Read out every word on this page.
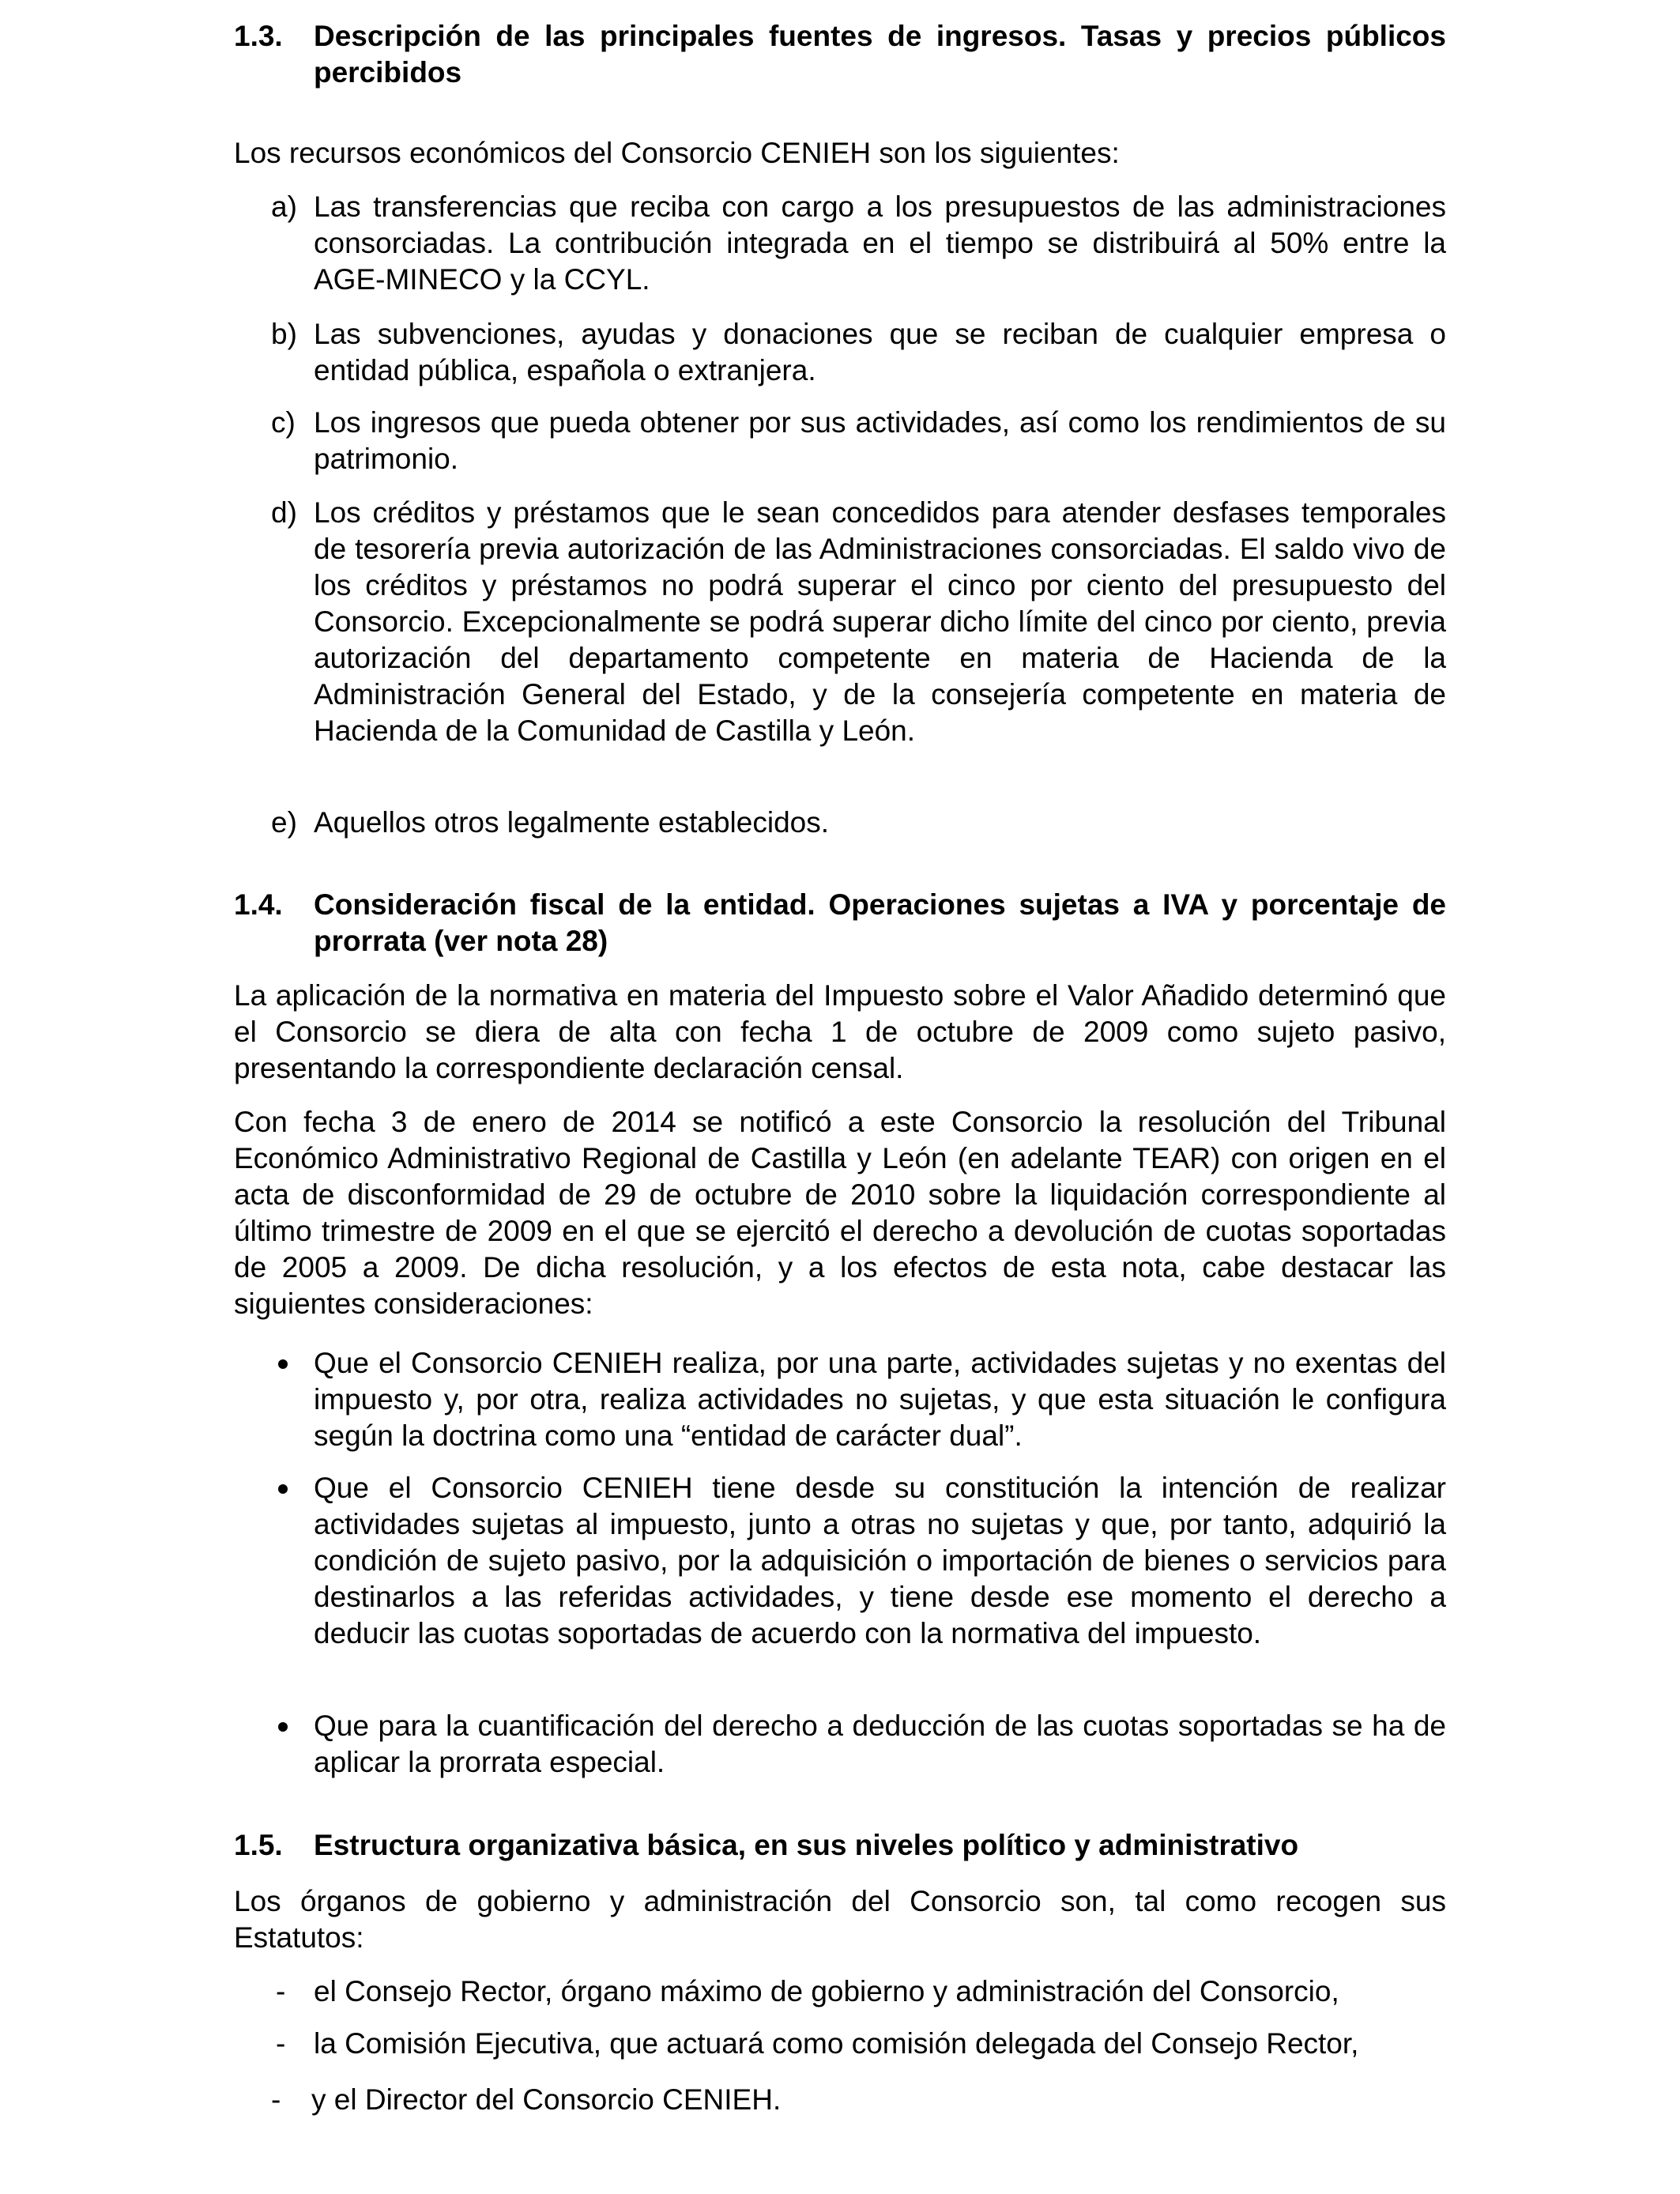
1.3. Descripción de las principales fuentes de ingresos. Tasas y precios públicos percibidos

Los recursos económicos del Consorcio CENIEH son los siguientes:

a) Las transferencias que reciba con cargo a los presupuestos de las administraciones consorciadas. La contribución integrada en el tiempo se distribuirá al 50% entre la AGE-MINECO y la CCYL.
b) Las subvenciones, ayudas y donaciones que se reciban de cualquier empresa o entidad pública, española o extranjera.
c) Los ingresos que pueda obtener por sus actividades, así como los rendimientos de su patrimonio.
d) Los créditos y préstamos que le sean concedidos para atender desfases temporales de tesorería previa autorización de las Administraciones consorciadas. El saldo vivo de los créditos y préstamos no podrá superar el cinco por ciento del presupuesto del Consorcio. Excepcionalmente se podrá superar dicho límite del cinco por ciento, previa autorización del departamento competente en materia de Hacienda de la Administración General del Estado, y de la consejería competente en materia de Hacienda de la Comunidad de Castilla y León.
e) Aquellos otros legalmente establecidos.
1.4. Consideración fiscal de la entidad. Operaciones sujetas a IVA y porcentaje de prorrata (ver nota 28)

La aplicación de la normativa en materia del Impuesto sobre el Valor Añadido determinó que el Consorcio se diera de alta con fecha 1 de octubre de 2009 como sujeto pasivo, presentando la correspondiente declaración censal.

Con fecha 3 de enero de 2014 se notificó a este Consorcio la resolución del Tribunal Económico Administrativo Regional de Castilla y León (en adelante TEAR) con origen en el acta de disconformidad de 29 de octubre de 2010 sobre la liquidación correspondiente al último trimestre de 2009 en el que se ejercitó el derecho a devolución de cuotas soportadas de 2005 a 2009. De dicha resolución, y a los efectos de esta nota, cabe destacar las siguientes consideraciones:

Que el Consorcio CENIEH realiza, por una parte, actividades sujetas y no exentas del impuesto y, por otra, realiza actividades no sujetas, y que esta situación le configura según la doctrina como una “entidad de carácter dual”.
Que el Consorcio CENIEH tiene desde su constitución la intención de realizar actividades sujetas al impuesto, junto a otras no sujetas y que, por tanto, adquirió la condición de sujeto pasivo, por la adquisición o importación de bienes o servicios para destinarlos a las referidas actividades, y tiene desde ese momento el derecho a deducir las cuotas soportadas de acuerdo con la normativa del impuesto.
Que para la cuantificación del derecho a deducción de las cuotas soportadas se ha de aplicar la prorrata especial.
1.5. Estructura organizativa básica, en sus niveles político y administrativo

Los órganos de gobierno y administración del Consorcio son, tal como recogen sus Estatutos:

- el Consejo Rector, órgano máximo de gobierno y administración del Consorcio,
- la Comisión Ejecutiva, que actuará como comisión delegada del Consejo Rector,
- y el Director del Consorcio CENIEH.
